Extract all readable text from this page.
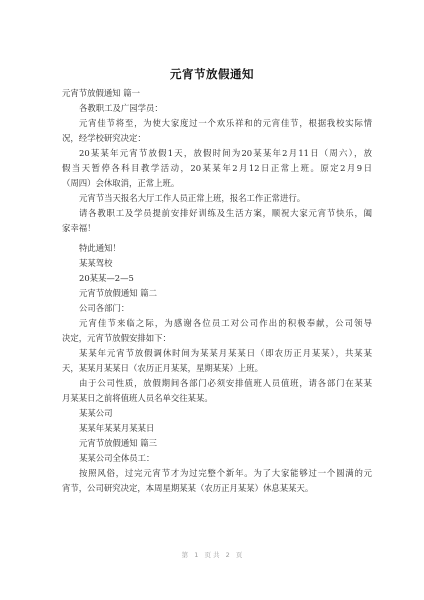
元宵节放假通知
元宵节放假通知 篇一
各教职工及广园学员：
元宵佳节将至，为使大家度过一个欢乐祥和的元宵佳节，根据我校实际情
况，经学校研究决定：
20某某年元宵节放假1天，放假时间为20某某年2月11日（周六），放
假当天暂停各科目教学活动，20某某年2月12日正常上班。原定2月9日
（周四）会休取消，正常上班。
元宵节当天报名大厅工作人员正常上班，报名工作正常进行。
请各教职工及学员提前安排好训练及生活方案，顺祝大家元宵节快乐，阖
家幸福！
特此通知！
某某驾校
20某某—2—5
元宵节放假通知 篇二
公司各部门：
元宵佳节来临之际，为感谢各位员工对公司作出的积极奉献，公司领导
决定，元宵节放假安排如下：
某某年元宵节放假调休时间为某某月某某日（即农历正月某某），共某某
天，某某月某某日（农历正月某某，星期某某）上班。
由于公司性质，放假期间各部门必须安排值班人员值班，请各部门在某某
月某某日之前将值班人员名单交往某某。
某某公司
某某年某某月某某日
元宵节放假通知 篇三
某某公司全体员工：
按照风俗，过完元宵节才为过完整个新年。为了大家能够过一个圆满的元
宵节，公司研究决定，本周星期某某（农历正月某某）休息某某天。
第 1 页 共 2 页
